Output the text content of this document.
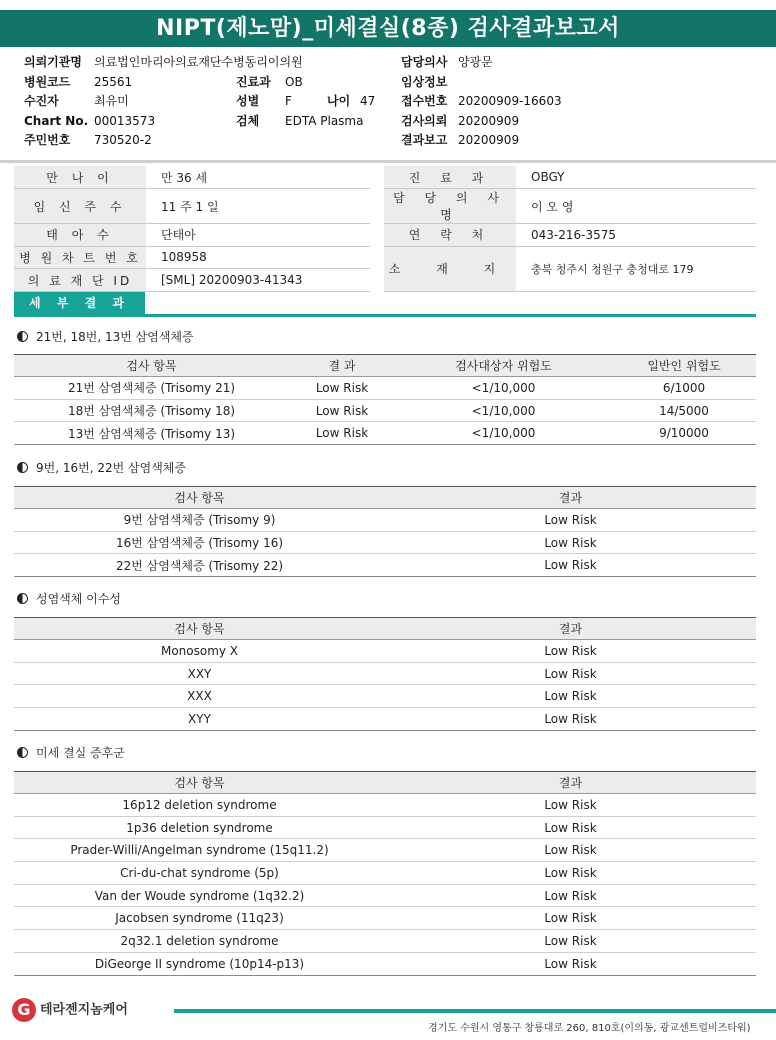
NIPT(제노맘)_미세결실(8종) 검사결과보고서
의뢰기관명 의료법인마리아의료재단수병동리이의원
병원코드 25561
수진자	최유미
Chart No. 00013573
주민번호 730520-2
진료과 OB
성별 F	나이 47
검체 EDTA Plasma
담당의사 양광문
임상정보
접수번호 20200909-16603
검사의뢰 20200909
결과보고 20200909
만 나 이	만 36 세		진 료 과	OBGY
임 신 주 수	11 주 1 일		담 당 의 사 명	이 오 영
태 아 수	단태아		연 락 처	043-216-3575
병 원 차 트 번 호	108958		소 재 지	충북 청주시 청원구 충청대로 179
의 료 재 단 ID	[SML] 20200903-41343			
세 부 결 과
21번, 18번, 13번 삼염색체증
검사 항목	결 과	검사대상자 위험도	일반인 위험도
21번 삼염색체증 (Trisomy 21)	Low Risk	<1/10,000	6/1000
18번 삼염색체증 (Trisomy 18)	Low Risk	<1/10,000	14/5000
13번 삼염색체증 (Trisomy 13)	Low Risk	<1/10,000	9/10000
9번, 16번, 22번 삼염색체증
검사 항목	결과
9번 삼염색체증 (Trisomy 9)	Low Risk
16번 삼염색체증 (Trisomy 16)	Low Risk
22번 삼염색체증 (Trisomy 22)	Low Risk
성염색체 이수성
검사 항목	결과
Monosomy X	Low Risk
XXY	Low Risk
XXX	Low Risk
XYY	Low Risk
미세 결실 증후군
검사 항목	결과
16p12 deletion syndrome	Low Risk
1p36 deletion syndrome	Low Risk
Prader-Willi/Angelman syndrome (15q11.2)	Low Risk
Cri-du-chat syndrome (5p)	Low Risk
Van der Woude syndrome (1q32.2)	Low Risk
Jacobsen syndrome (11q23)	Low Risk
2q32.1 deletion syndrome	Low Risk
DiGeorge II syndrome (10p14-p13)	Low Risk
G 테라젠지놈케어
경기도 수원시 영통구 창룡대로 260, 810호(이의동, 광교센트럴비즈타워)
